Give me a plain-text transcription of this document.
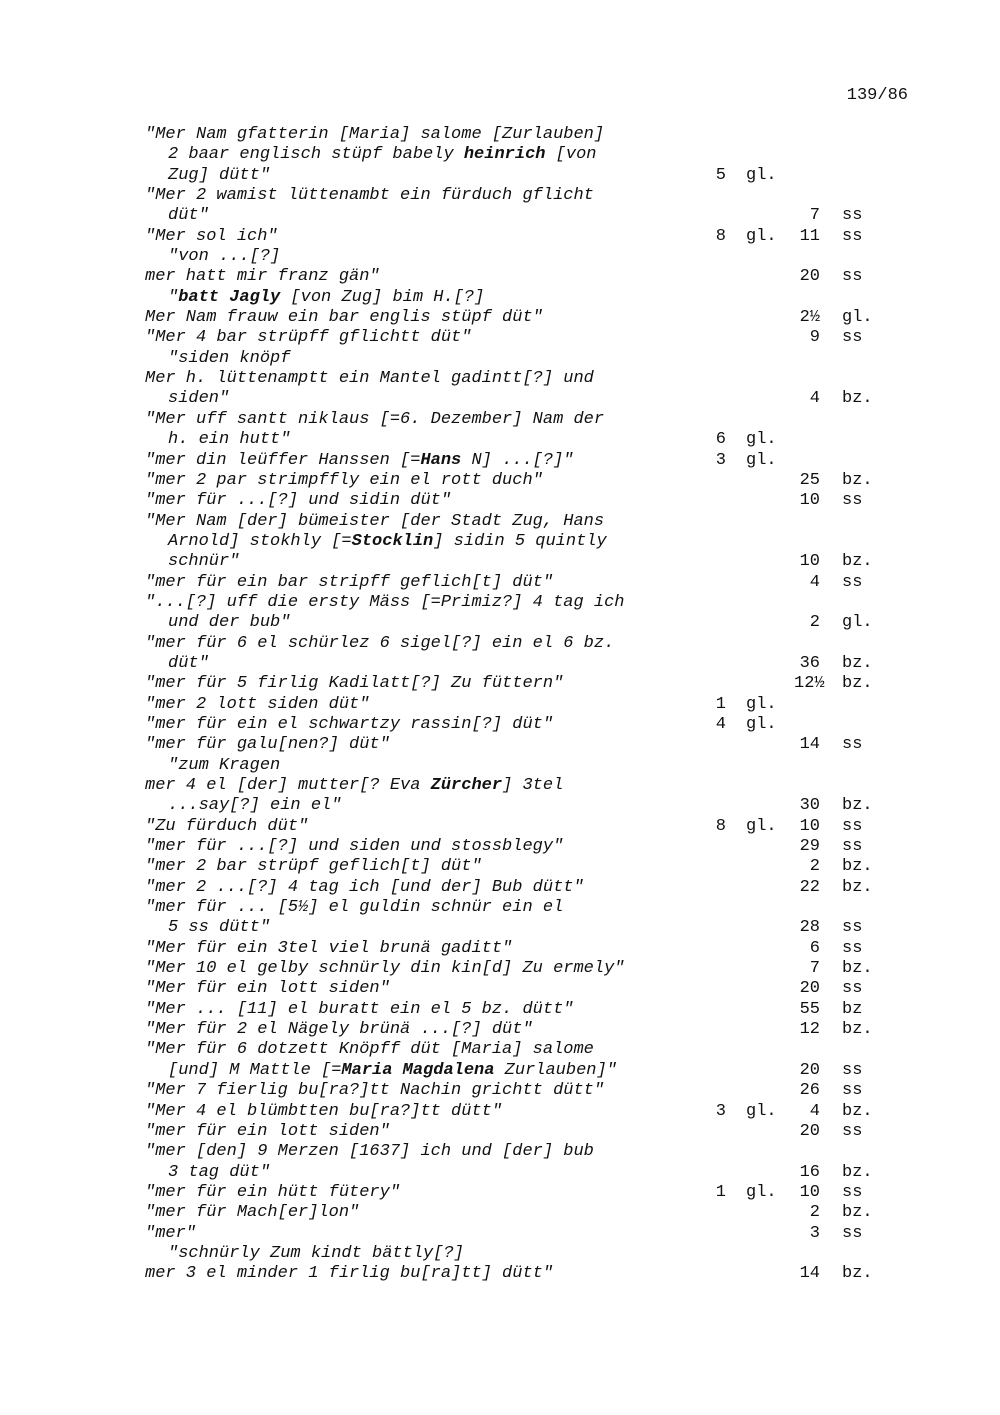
139/86
"Mer Nam gfatterin [Maria] salome [Zurlauben]
2 baar englisch stüpf babely heinrich [von
Zug] dütt"	5 gl.
"Mer 2 wamist lüttenambt ein fürduch gflicht
düt"	7 ss
"Mer sol ich"	8 gl.	11 ss
"von ...[?]
mer hatt mir franz gän"	20 ss
"batt Jagly [von Zug] bim H.[?]
Mer Nam frauw ein bar englis stüpf düt"	2½ gl.
"Mer 4 bar strüpff gflichtt düt"	9 ss
"siden knöpf
Mer h. lüttenamptt ein Mantel gadintt[?] und
siden"	4 bz.
"Mer uff santt niklaus [=6. Dezember] Nam der
h. ein hutt"	6 gl.
"mer din leüffer Hanssen [=Hans N] ...[?]"	3 gl.
"mer 2 par strimpffly ein el rott duch"	25 bz.
"mer für ...[?] und sidin düt"	10 ss
"Mer Nam [der] bümeister [der Stadt Zug, Hans
Arnold] stokhly [=Stocklin] sidin 5 quintly
schnür"	10 bz.
"mer für ein bar stripff geflich[t] düt"	4 ss
"...[?] uff die ersty Mäss [=Primiz?] 4 tag ich
und der bub"	2 gl.
"mer für 6 el schürlez 6 sigel[?] ein el 6 bz.
düt"	36 bz.
"mer für 5 firlig Kadilatt[?] Zu füttern"	12½ bz.
"mer 2 lott siden düt"	1 gl.
"mer für ein el schwartzy rassin[?] düt"	4 gl.
"mer für galu[nen?] düt"	14 ss
"zum Kragen
mer 4 el [der] mutter[? Eva Zürcher] 3tel
...say[?] ein el"	30 bz.
"Zu fürduch düt"	8 gl.	10 ss
"mer für ...[?] und siden und stossblegy"	29 ss
"mer 2 bar strüpf geflich[t] düt"	2 bz.
"mer 2 ...[?] 4 tag ich [und der] Bub dütt"	22 bz.
"mer für ... [5½] el guldin schnür ein el
5 ss dütt"	28 ss
"Mer für ein 3tel viel brunä gaditt"	6 ss
"Mer 10 el gelby schnürly din kin[d] Zu ermely"	7 bz.
"Mer für ein lott siden"	20 ss
"Mer ... [11] el buratt ein el 5 bz. dütt"	55 bz
"Mer für 2 el Nägely brünä ...[?] düt"	12 bz.
"Mer für 6 dotzett Knöpff düt [Maria] salome
[und] M Mattle [=Maria Magdalena Zurlauben]"	20 ss
"Mer 7 fierlig bu[ra?]tt Nachin grichtt dütt"	26 ss
"Mer 4 el blümbtten bu[ra?]tt dütt"	3 gl.	4 bz.
"mer für ein lott siden"	20 ss
"mer [den] 9 Merzen [1637] ich und [der] bub
3 tag düt"	16 bz.
"mer für ein hütt fütery"	1 gl.	10 ss
"mer für Mach[er]lon"	2 bz.
"mer"	3 ss
"schnürly Zum kindt bättly[?]
mer 3 el minder 1 firlig bu[ra]tt] dütt"	14 bz.
